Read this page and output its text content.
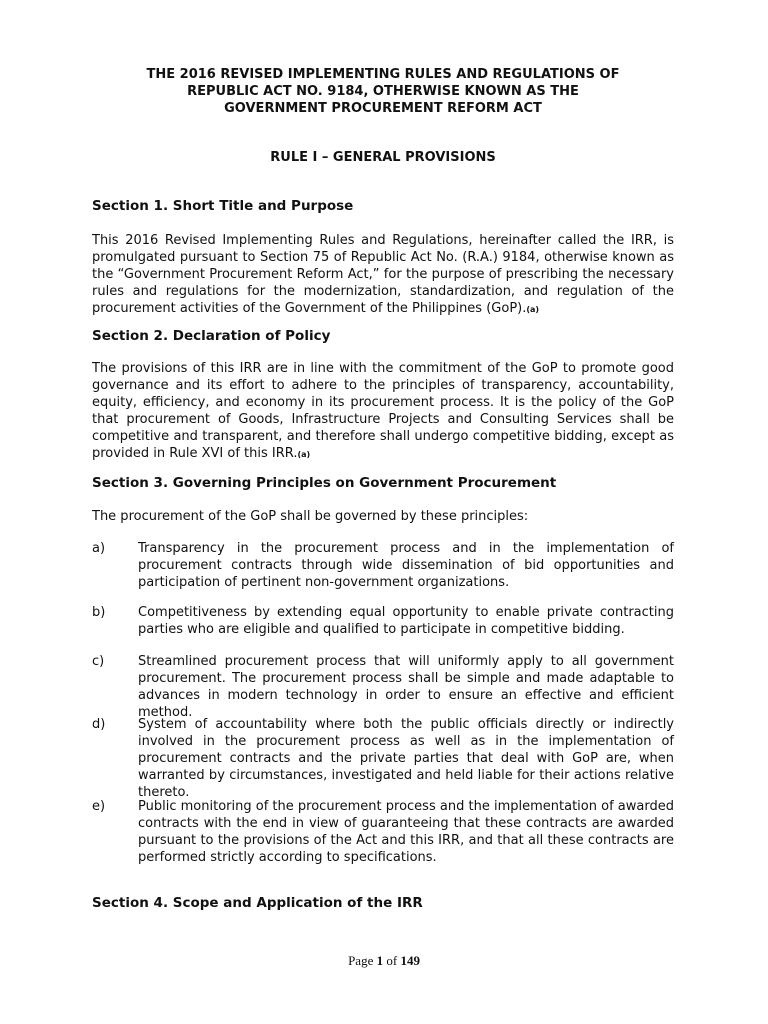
THE 2016 REVISED IMPLEMENTING RULES AND REGULATIONS OF
REPUBLIC ACT NO. 9184, OTHERWISE KNOWN AS THE
GOVERNMENT PROCUREMENT REFORM ACT
RULE I – GENERAL PROVISIONS
Section 1. Short Title and Purpose
This 2016 Revised Implementing Rules and Regulations, hereinafter called the IRR, is promulgated pursuant to Section 75 of Republic Act No. (R.A.) 9184, otherwise known as the “Government Procurement Reform Act,” for the purpose of prescribing the necessary rules and regulations for the modernization, standardization, and regulation of the procurement activities of the Government of the Philippines (GoP).(a)
Section 2. Declaration of Policy
The provisions of this IRR are in line with the commitment of the GoP to promote good governance and its effort to adhere to the principles of transparency, accountability, equity, efficiency, and economy in its procurement process. It is the policy of the GoP that procurement of Goods, Infrastructure Projects and Consulting Services shall be competitive and transparent, and therefore shall undergo competitive bidding, except as provided in Rule XVI of this IRR.(a)
Section 3. Governing Principles on Government Procurement
The procurement of the GoP shall be governed by these principles:
a)	Transparency in the procurement process and in the implementation of procurement contracts through wide dissemination of bid opportunities and participation of pertinent non-government organizations.
b)	Competitiveness by extending equal opportunity to enable private contracting parties who are eligible and qualified to participate in competitive bidding.
c)	Streamlined procurement process that will uniformly apply to all government procurement. The procurement process shall be simple and made adaptable to advances in modern technology in order to ensure an effective and efficient method.
d)	System of accountability where both the public officials directly or indirectly involved in the procurement process as well as in the implementation of procurement contracts and the private parties that deal with GoP are, when warranted by circumstances, investigated and held liable for their actions relative thereto.
e)	Public monitoring of the procurement process and the implementation of awarded contracts with the end in view of guaranteeing that these contracts are awarded pursuant to the provisions of the Act and this IRR, and that all these contracts are performed strictly according to specifications.
Section 4. Scope and Application of the IRR
Page 1 of 149
